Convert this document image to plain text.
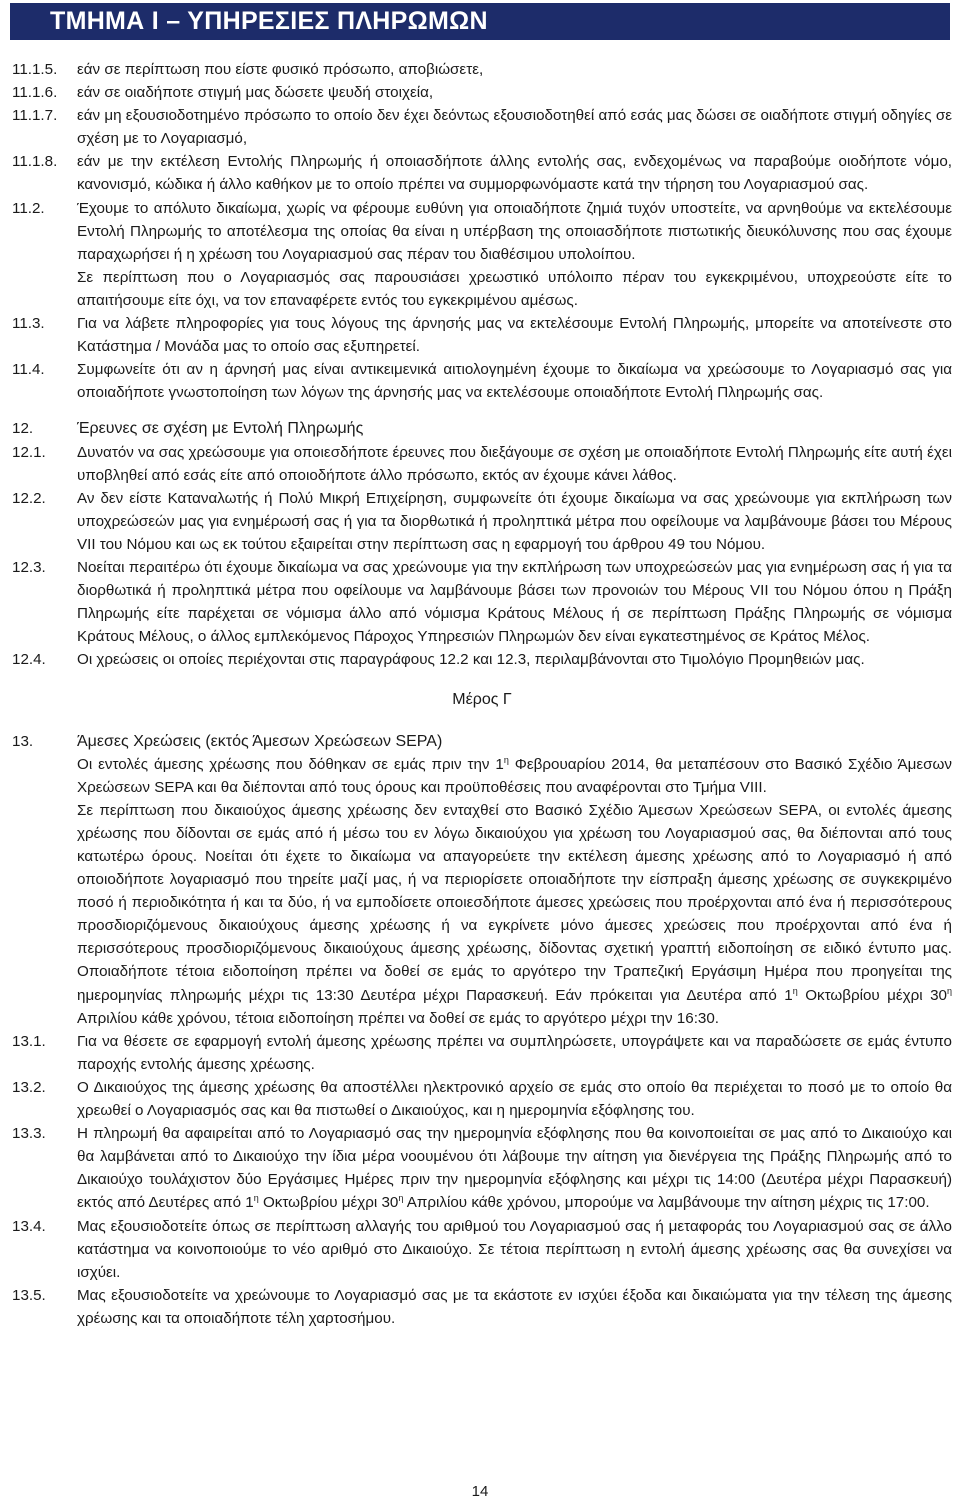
ΤΜΗΜΑ Ι – ΥΠΗΡΕΣΙΕΣ ΠΛΗΡΩΜΩΝ
11.1.5.	εάν σε περίπτωση που είστε φυσικό πρόσωπο, αποβιώσετε,
11.1.6.	εάν σε οιαδήποτε στιγμή μας δώσετε ψευδή στοιχεία,
11.1.7.	εάν μη εξουσιοδοτημένο πρόσωπο το οποίο δεν έχει δεόντως εξουσιοδοτηθεί από εσάς μας δώσει σε οιαδήποτε στιγμή οδηγίες σε σχέση με το Λογαριασμό,
11.1.8.	εάν με την εκτέλεση Εντολής Πληρωμής ή οποιασδήποτε άλλης εντολής σας, ενδεχομένως να παραβούμε οιοδήποτε νόμο, κανονισμό, κώδικα ή άλλο καθήκον με το οποίο πρέπει να συμμορφωνόμαστε κατά την τήρηση του Λογαριασμού σας.
11.2.	Έχουμε το απόλυτο δικαίωμα, χωρίς να φέρουμε ευθύνη για οποιαδήποτε ζημιά τυχόν υποστείτε, να αρνηθούμε να εκτελέσουμε Εντολή Πληρωμής το αποτέλεσμα της οποίας θα είναι η υπέρβαση της οποιασδήποτε πιστωτικής διευκόλυνσης που σας έχουμε παραχωρήσει ή η χρέωση του Λογαριασμού σας πέραν του διαθέσιμου υπολοίπου.

Σε περίπτωση που ο Λογαριασμός σας παρουσιάσει χρεωστικό υπόλοιπο πέραν του εγκεκριμένου, υποχρεούστε είτε το απαιτήσουμε είτε όχι, να τον επαναφέρετε εντός του εγκεκριμένου αμέσως.

11.3.	Για να λάβετε πληροφορίες για τους λόγους της άρνησής μας να εκτελέσουμε Εντολή Πληρωμής, μπορείτε να αποτείνεστε στο Κατάστημα / Μονάδα μας το οποίο σας εξυπηρετεί.
11.4.	Συμφωνείτε ότι αν η άρνησή μας είναι αντικειμενικά αιτιολογημένη έχουμε το δικαίωμα να χρεώσουμε το Λογαριασμό σας για οποιαδήποτε γνωστοποίηση των λόγων της άρνησής μας να εκτελέσουμε οποιαδήποτε Εντολή Πληρωμής σας.
12.	Έρευνες σε σχέση με Εντολή Πληρωμής
12.1.	Δυνατόν να σας χρεώσουμε για οποιεσδήποτε έρευνες που διεξάγουμε σε σχέση με οποιαδήποτε Εντολή Πληρωμής είτε αυτή έχει υποβληθεί από εσάς είτε από οποιοδήποτε άλλο πρόσωπο, εκτός αν έχουμε κάνει λάθος.
12.2.	Αν δεν είστε Καταναλωτής ή Πολύ Μικρή Επιχείρηση, συμφωνείτε ότι έχουμε δικαίωμα να σας χρεώνουμε για εκπλήρωση των υποχρεώσεών μας για ενημέρωσή σας ή για τα διορθωτικά ή προληπτικά μέτρα που οφείλουμε να λαμβάνουμε βάσει του Μέρους VII του Νόμου και ως εκ τούτου εξαιρείται στην περίπτωση σας η εφαρμογή του άρθρου 49 του Νόμου.
12.3.	Νοείται περαιτέρω ότι έχουμε δικαίωμα να σας χρεώνουμε για την εκπλήρωση των υποχρεώσεών μας για ενημέρωση σας ή για τα διορθωτικά ή προληπτικά μέτρα που οφείλουμε να λαμβάνουμε βάσει των προνοιών του Μέρους VII του Νόμου όπου η Πράξη Πληρωμής είτε παρέχεται σε νόμισμα άλλο από νόμισμα Κράτους Μέλους ή σε περίπτωση Πράξης Πληρωμής σε νόμισμα Κράτους Μέλους, ο άλλος εμπλεκόμενος Πάροχος Υπηρεσιών Πληρωμών δεν είναι εγκατεστημένος σε Κράτος Μέλος.
12.4.	Οι χρεώσεις οι οποίες περιέχονται στις παραγράφους 12.2 και 12.3, περιλαμβάνονται στο Τιμολόγιο Προμηθειών μας.

Μέρος Γ

13.	Άμεσες Χρεώσεις (εκτός Άμεσων Χρεώσεων SEPA)

Οι εντολές άμεσης χρέωσης που δόθηκαν σε εμάς πριν την $1^\eta$ Φεβρουαρίου 2014, θα μεταπέσουν στο Βασικό Σχέδιο Άμεσων Χρεώσεων SEPA και θα διέπονται από τους όρους και προϋποθέσεις που αναφέρονται στο Τμήμα VIII.

Σε περίπτωση που δικαιούχος άμεσης χρέωσης δεν ενταχθεί στο Βασικό Σχέδιο Άμεσων Χρεώσεων SEPA, οι εντολές άμεσης χρέωσης που δίδονται σε εμάς από ή μέσω του εν λόγω δικαιούχου για χρέωση του Λογαριασμού σας, θα διέπονται από τους κατωτέρω όρους. Νοείται ότι έχετε το δικαίωμα να απαγορεύετε την εκτέλεση άμεσης χρέωσης από το Λογαριασμό ή από οποιοδήποτε λογαριασμό που τηρείτε μαζί μας, ή να περιορίσετε οποιαδήποτε την είσπραξη άμεσης χρέωσης σε συγκεκριμένο ποσό ή περιοδικότητα ή και τα δύο, ή να εμποδίσετε οποιεσδήποτε άμεσες χρεώσεις που προέρχονται από ένα ή περισσότερους προσδιοριζόμενους δικαιούχους άμεσης χρέωσης ή να εγκρίνετε μόνο άμεσες χρεώσεις που προέρχονται από ένα ή περισσότερους προσδιοριζόμενους δικαιούχους άμεσης χρέωσης, δίδοντας σχετική γραπτή ειδοποίηση σε ειδικό έντυπο μας. Οποιαδήποτε τέτοια ειδοποίηση πρέπει να δοθεί σε εμάς το αργότερο την Τραπεζική Εργάσιμη Ημέρα που προηγείται της ημερομηνίας πληρωμής μέχρι τις 13:30 Δευτέρα μέχρι Παρασκευή. Εάν πρόκειται για Δευτέρα από $1^\eta$ Οκτωβρίου μέχρι $30^\eta$ Απριλίου κάθε χρόνου, τέτοια ειδοποίηση πρέπει να δοθεί σε εμάς το αργότερο μέχρι την 16:30.

13.1.	Για να θέσετε σε εφαρμογή εντολή άμεσης χρέωσης πρέπει να συμπληρώσετε, υπογράψετε και να παραδώσετε σε εμάς έντυπο παροχής εντολής άμεσης χρέωσης.
13.2.	Ο Δικαιούχος της άμεσης χρέωσης θα αποστέλλει ηλεκτρονικό αρχείο σε εμάς στο οποίο θα περιέχεται το ποσό με το οποίο θα χρεωθεί ο Λογαριασμός σας και θα πιστωθεί ο Δικαιούχος, και η ημερομηνία εξόφλησης του.
13.3.	Η πληρωμή θα αφαιρείται από το Λογαριασμό σας την ημερομηνία εξόφλησης που θα κοινοποιείται σε μας από το Δικαιούχο και θα λαμβάνεται από το Δικαιούχο την ίδια μέρα νοουμένου ότι λάβουμε την αίτηση για διενέργεια της Πράξης Πληρωμής από το Δικαιούχο τουλάχιστον δύο Εργάσιμες Ημέρες πριν την ημερομηνία εξόφλησης και μέχρι τις 14:00 (Δευτέρα μέχρι Παρασκευή) εκτός από Δευτέρες από $1^\eta$ Οκτωβρίου μέχρι $30^\eta$ Απριλίου κάθε χρόνου, μπορούμε να λαμβάνουμε την αίτηση μέχρις τις 17:00.
13.4.	Μας εξουσιοδοτείτε όπως σε περίπτωση αλλαγής του αριθμού του Λογαριασμού σας ή μεταφοράς του Λογαριασμού σας σε άλλο κατάστημα να κοινοποιούμε το νέο αριθμό στο Δικαιούχο. Σε τέτοια περίπτωση η εντολή άμεσης χρέωσης σας θα συνεχίσει να ισχύει.
13.5.	Μας εξουσιοδοτείτε να χρεώνουμε το Λογαριασμό σας με τα εκάστοτε εν ισχύει έξοδα και δικαιώματα για την τέλεση της άμεσης χρέωσης και τα οποιαδήποτε τέλη χαρτοσήμου.
14
